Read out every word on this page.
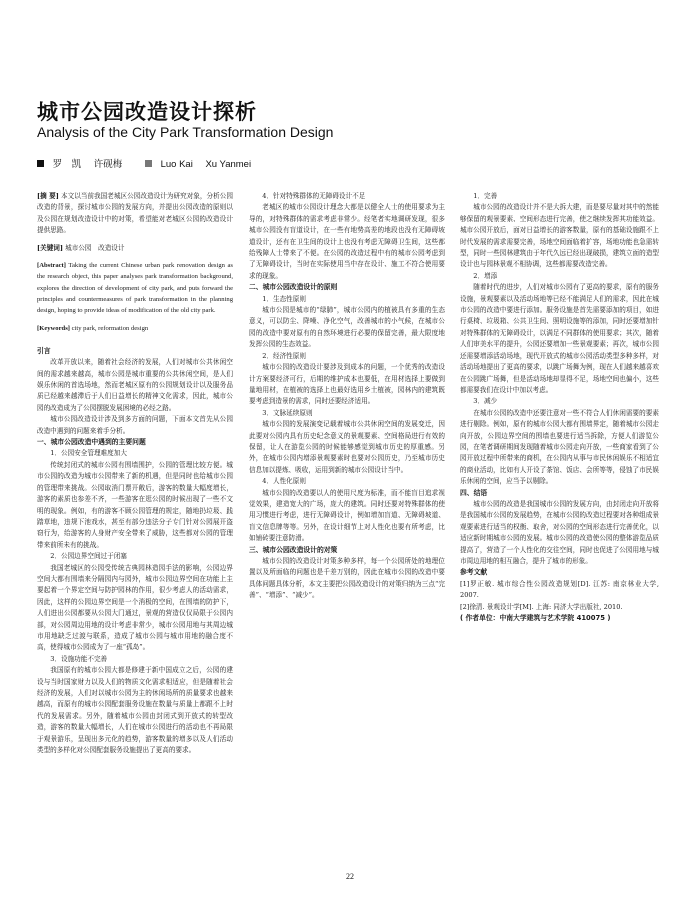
城市公园改造设计探析
Analysis of the City Park Transformation Design
罗　凯 许砚梅	Luo Kai Xu Yanmei

[摘 要] 本文以当前我国老城区公园改造设计为研究对象，分析公园改造的背景，探讨城市公园的发展方向，并提出公园改造的原则以及公园在规划改造设计中的对策，希望能对老城区公园的改造设计提供思路。

[关键词] 城市公园　改造设计

[Abstract] Taking the current Chinese urban park renovation design as the research object, this paper analyses park transformation background, explores the direction of development of city park, and puts forward the principles and countermeasures of park transformation in the planning design, hoping to provide ideas of modification of the old city park.

[Keywords] city park, reformation design

引言

改革开放以来，随着社会经济的发展，人们对城市公共休闲空间的需求越来越高，城市公园是城市重要的公共休闲空间，是人们娱乐休闲的首选场地，然而老城区原有的公园规划设计以及服务品质已经越来越滞后于人们日益增长的精神文化需求，因此，城市公园的改造成为了公园摆脱发展困境的必经之路。

城市公园改造设计涉及到多方面的问题，下面本文首先从公园改造中遇到的问题来着手分析。

一、城市公园改造中遇到的主要问题

1．公园安全管理难度加大

传统封闭式的城市公园有围墙围护，公园的管理比较方便。城市公园的改造为城市公园带来了新的机遇，但是同时也给城市公园的管理带来挑战。公园取消门票开敞后，游客的数量大幅度增长，游客的素质也参差不齐，一些游客在逛公园的时候出现了一些不文明的现象。例如，有的游客不顾公园管理的规定，随地扔垃圾、践踏草地，违规下池戏水，甚至有部分违法分子专门针对公园展开盗窃行为，给游客的人身财产安全带来了威胁，这些都对公园的管理带来前所未有的挑战。

2．公园边界空间过于闭塞

我国老城区的公园受传统古典园林造园手法的影响，公园边界空间大都有围墙来分隔园内与园外，城市公园边界空间在功能上主要起着一个界定空间与防护园林的作用，很少考虑人的活动需求，因此，这样的公园边界空间是一个消极的空间，在围墙的防护下，人们进出公园都要从公园大门通过，景观的营造仅仅局限于公园内部，对公园周边用地的设计考虑非常少，城市公园用地与其周边城市用地缺乏过渡与联系，造成了城市公园与城市用地的融合度不高，使得城市公园成为了一座“孤岛”。

3．设施功能不完善

我国原有的城市公园大都是修建于新中国成立之后，公园的建设与当时国家财力以及人们的物质文化需求相适应，但是随着社会经济的发展，人们对以城市公园为主的休闲场所的质量要求也越来越高，而原有的城市公园配套服务设施在数量与质量上都跟不上时代的发展需求。另外，随着城市公园由封闭式到开放式的转型改造，游客的数量大幅增长，人们在城市公园进行的活动也不再局限于观景游乐，呈现出多元化的趋势，游客数量的增多以及人们活动类型的多样化对公园配套服务设施提出了更高的要求。

4．针对特殊群体的无障碍设计不足

老城区的城市公园设计理念大都是以健全人士的使用要求为主导的，对特殊群体的需求考虑非常少。经笔者实地调研发现，很多城市公园没有盲道设计，在一些有地势高差的地段也没有无障碍坡道设计，还有在卫生间的设计上也没有考虑无障碍卫生间，这些都给残障人士带来了不便。在公园的改造过程中有的城市公园考虑到了无障碍设计，当时在实际使用当中存在设计、施工不符合使用要求的现象。

二、城市公园改造设计的原则

1．生态性原则

城市公园是城市的“绿肺”，城市公园内的植被具有多重的生态意义，可以防尘、降噪、净化空气，改善城市的小气候，在城市公园的改造中要对原有的自然环境进行必要的保留完善，最大限度地发挥公园的生态效益。

2．经济性原则

城市公园的改造设计要涉及到成本的问题，一个优秀的改造设计方案要经济可行，后期的维护成本也要低，在用材选择上要做到量地用材，在植被的选择上也最好选用乡土植被，园林内的建筑既要考虑到造景的需求，同时还要经济适用。

3．文脉延续原则

城市公园的发展演变记载着城市公共休闲空间的发展变迁，因此要对公园内具有历史纪念意义的景观要素、空间格局进行有效的保留，让人在游览公园的时候能够感觉到城市历史的厚重感。另外，在城市公园内增添景观要素时也要对公园历史，乃至城市历史信息加以提炼、吸收，运用到新的城市公园设计当中。

4．人性化原则

城市公园的改造要以人的使用尺度为标准，而不能盲目追求视觉效果，建造宽大的广场，庞大的建筑。同时还要对特殊群体的使用习惯进行考虑，进行无障碍设计，例如增加盲道、无障碍坡道、盲文信息牌等等。另外，在设计细节上对人性化也要有所考虑，比如铺砖要注意防滑。

三、城市公园改造设计的对策

城市公园的改造设计对策多种多样，每一个公园所处的地理位置以及所面临的问题也是千差万别的，因此在城市公园的改造中要具体问题具体分析，本文主要把公园改造设计的对策归纳为三点“完善”、“增添”、“减少”。

1．完善

城市公园的改造设计并不是大拆大建，而是要尽量对其中的然能够保留的观景要素、空间形态进行完善，使之继续发挥其功能效益。城市公园开放后，面对日益增长的游客数量，原有的基础设施跟不上时代发展的需求需要完善，场地空间面临着扩容，场地功能也急需转型，同时一些园林建筑由于年代久远已经出现破损，建筑立面的造型设计也与园林景观不相协调，这些都需要改造完善。

2．增添

随着时代的进步，人们对城市公园有了更高的要求，原有的服务设施，景观要素以及活动场地等已经不能满足人们的需求，因此在城市公园的改造中要进行添加。服务设施是首先需要添加的项目，如进行桌椅、垃圾箱、公共卫生间、照明设施等的添加，同时还要增加针对特殊群体的无障碍设计，以满足不同群体的使用要求；其次，随着人们审美水平的提升，公园还要增加一些景观要素；再次，城市公园还需要增添活动场地，现代开放式的城市公园活动类型多种多样，对活动场地提出了更高的要求，以跳广场舞为例，现在人们越来越喜欢在公园跳广场舞，但是活动场地却显得不足，场地空间也偏小，这些都需要我们在设计中加以考虑。

3．减少

在城市公园的改造中还要注意对一些不符合人们休闲需要的要素进行剔除。例如，原有的城市公园大都有围墙界定，随着城市公园走向开放，公园边界空间的围墙也要进行适当拆除，方便人们游览公园，在笔者调研期间发现随着城市公园走向开放，一些商家看到了公园开放过程中所带来的商机，在公园内从事与市民休闲娱乐不相适宜的商业活动，比如有人开设了茶馆、饭店、会所等等，侵蚀了市民娱乐休闲的空间，应当予以剔除。

四、结语

城市公园的改造是我国城市公园的发展方向，由封闭走向开放将是我国城市公园的发展趋势，在城市公园的改造过程要对各种组成景观要素进行适当的权衡、取舍，对公园的空间形态进行完善优化，以适应新时期城市公园的发展。城市公园的改造使公园的整体游览品质提高了，营造了一个人性化的交往空间，同时也促进了公园用地与城市周边用地的相互融合，提升了城市的形象。

参考文献

[1]罗正敏. 城市综合性公园改造规划[D]. 江苏: 南京林业大学, 2007.

[2]徐清. 景观设计学[M]. 上海: 同济大学出版社, 2010.

( 作者单位：中南大学建筑与艺术学院 410075 )

22
